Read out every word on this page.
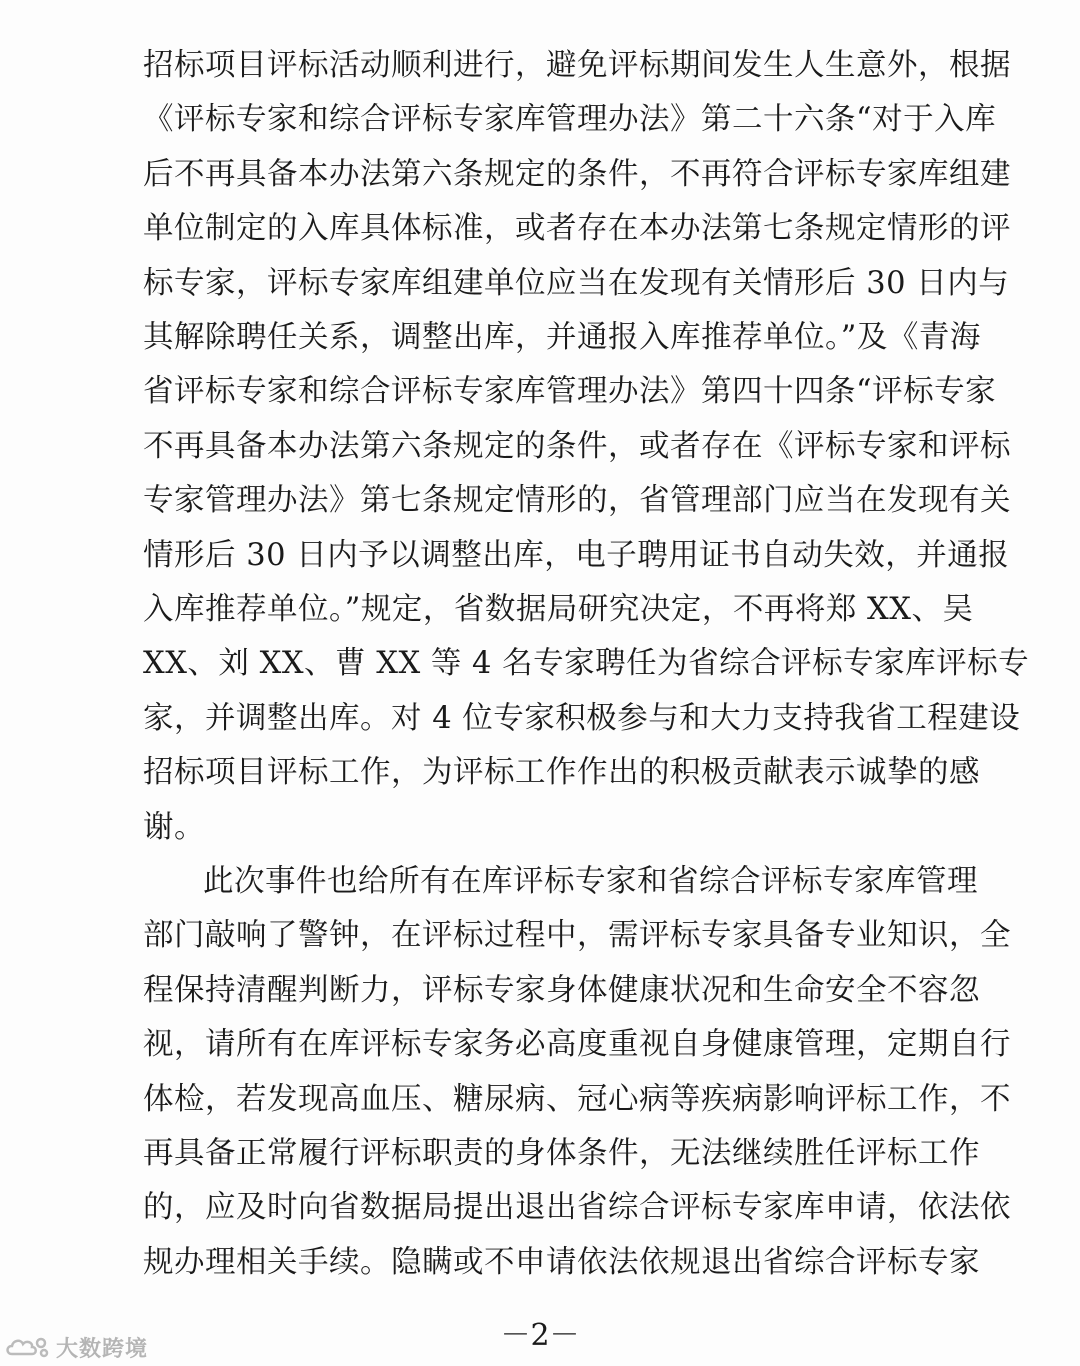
招标项目评标活动顺利进行，避免评标期间发生人生意外，根据
《评标专家和综合评标专家库管理办法》第二十六条“对于入库
后不再具备本办法第六条规定的条件，不再符合评标专家库组建
单位制定的入库具体标准，或者存在本办法第七条规定情形的评
标专家，评标专家库组建单位应当在发现有关情形后 30 日内与
其解除聘任关系，调整出库，并通报入库推荐单位。”及《青海
省评标专家和综合评标专家库管理办法》第四十四条“评标专家
不再具备本办法第六条规定的条件，或者存在《评标专家和评标
专家管理办法》第七条规定情形的，省管理部门应当在发现有关
情形后 30 日内予以调整出库，电子聘用证书自动失效，并通报
入库推荐单位。”规定，省数据局研究决定，不再将郑 XX、吴
XX、刘 XX、曹 XX 等 4 名专家聘任为省综合评标专家库评标专
家，并调整出库。对 4 位专家积极参与和大力支持我省工程建设
招标项目评标工作，为评标工作作出的积极贡献表示诚挚的感
谢。
此次事件也给所有在库评标专家和省综合评标专家库管理
部门敲响了警钟，在评标过程中，需评标专家具备专业知识，全
程保持清醒判断力，评标专家身体健康状况和生命安全不容忽
视，请所有在库评标专家务必高度重视自身健康管理，定期自行
体检，若发现高血压、糖尿病、冠心病等疾病影响评标工作，不
再具备正常履行评标职责的身体条件，无法继续胜任评标工作
－2－
大数跨境
的，应及时向省数据局提出退出省综合评标专家库申请，依法依
规办理相关手续。隐瞒或不申请依法依规退出省综合评标专家
